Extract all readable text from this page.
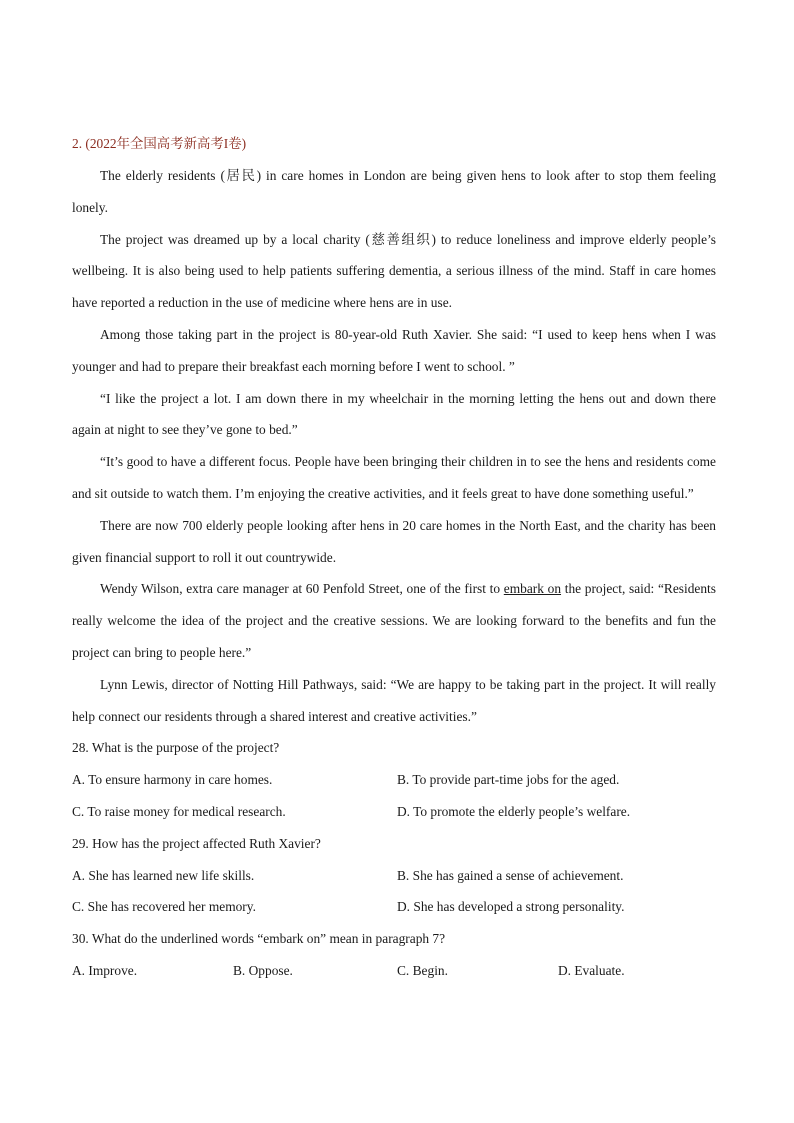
2. (2022年全国高考新高考I卷)

The elderly residents (居民) in care homes in London are being given hens to look after to stop them feeling lonely.

The project was dreamed up by a local charity (慈善组织) to reduce loneliness and improve elderly people’s wellbeing. It is also being used to help patients suffering dementia, a serious illness of the mind. Staff in care homes have reported a reduction in the use of medicine where hens are in use.

Among those taking part in the project is 80-year-old Ruth Xavier. She said: “I used to keep hens when I was younger and had to prepare their breakfast each morning before I went to school. ”

“I like the project a lot. I am down there in my wheelchair in the morning letting the hens out and down there again at night to see they’ve gone to bed.”

“It’s good to have a different focus. People have been bringing their children in to see the hens and residents come and sit outside to watch them. I’m enjoying the creative activities, and it feels great to have done something useful.”

There are now 700 elderly people looking after hens in 20 care homes in the North East, and the charity has been given financial support to roll it out countrywide.

Wendy Wilson, extra care manager at 60 Penfold Street, one of the first to embark on the project, said: “Residents really welcome the idea of the project and the creative sessions. We are looking forward to the benefits and fun the project can bring to people here.”

Lynn Lewis, director of Notting Hill Pathways, said: “We are happy to be taking part in the project. It will really help connect our residents through a shared interest and creative activities.”

28. What is the purpose of the project?

A. To ensure harmony in care homes.	B. To provide part-time jobs for the aged.
C. To raise money for medical research.	D. To promote the elderly people’s welfare.

29. How has the project affected Ruth Xavier?

A. She has learned new life skills.	B. She has gained a sense of achievement.
C. She has recovered her memory.	D. She has developed a strong personality.

30. What do the underlined words “embark on” mean in paragraph 7?

A. Improve.	B. Oppose.	C. Begin.	D. Evaluate.
